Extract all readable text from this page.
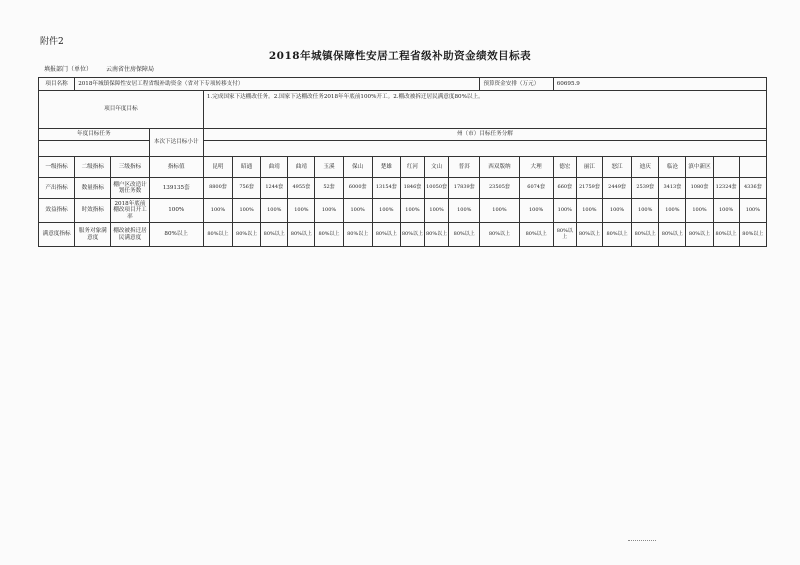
附件2
2018年城镇保障性安居工程省级补助资金绩效目标表
填报部门（单位） 云南省住房保障局
项目名称	2018年城镇保障性安居工程省级补助资金（省对下专项转移支付）													预算资金安排（万元）		60695.9							
项目年度目标				1.完成国家下达棚改任务。2.国家下达棚改任务2018年年底前100%开工。2.棚改被拆迁居民满意度80%以上。																			
年度目标任务			本次下达目标小计	州（市）目标任务分解																			

一级指标	二级指标	三级指标	指标值	昆明	昭通	曲靖	曲靖	玉溪	保山	楚雄	红河	文山	普洱	西双版纳	大理	德宏	丽江	怒江	迪庆	临沧	滇中新区		
产出指标	数量指标	棚户区改造计划任务数	139135套	8800套	756套	1244套	4955套	52套	6000套	13154套	1846套	10050套	17839套	23505套	6074套	660套	21759套	2449套	2539套	3413套	1080套	12324套	4336套
效益指标	时效指标	2018年底前棚改项目开工率	100%	100%	100%	100%	100%	100%	100%	100%	100%	100%	100%	100%	100%	100%	100%	100%	100%	100%	100%	100%	100%
满意度指标	服务对象满意度	棚改被拆迁居民满意度	80%以上	80%以上	80%以上	80%以上	80%以上	80%以上	80%以上	80%以上	80%以上	80%以上	80%以上	80%以上	80%以上	80%以上	80%以上	80%以上	80%以上	80%以上	80%以上	80%以上	80%以上
